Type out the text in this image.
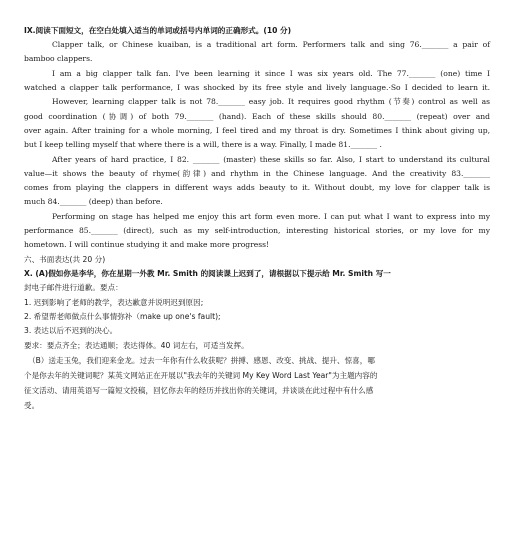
IX.阅读下面短文，在空白处填入适当的单词或括号内单词的正确形式。(10 分)
Clapper talk, or Chinese kuaiban, is a traditional art form. Performers talk and sing 76._______ a pair of
bamboo clappers.
I am a big clapper talk fan. I've been learning it since I was six years old. The 77._______ (one) time I
watched a clapper talk performance, I was shocked by its free style and lively language.·So I decided to learn it.
However, learning clapper talk is not 78._______ easy job. It requires good rhythm (节奏) control as well as
good coordination (协调) of both 79._______ (hand). Each of these skills should 80._______ (repeat) over and
over again. After training for a whole morning, I feel tired and my throat is dry. Sometimes I think about giving up,
but I keep telling myself that where there is a will, there is a way. Finally, I made 81._______ .
After years of hard practice, I 82. _______ (master) these skills so far. Also, I start to understand its cultural
value—it shows the beauty of rhyme(韵律) and rhythm in the Chinese language. And the creativity 83._______
comes from playing the clappers in different ways adds beauty to it. Without doubt, my love for clapper talk is
much 84._______ (deep) than before.
Performing on stage has helped me enjoy this art form even more. I can put what I want to express into my
performance 85._______ (direct), such as my self-introduction, interesting historical stories, or my love for my
hometown. I will continue studying it and make more progress!
六、书面表达(共 20 分)
X. (A)假如你是李华，你在星期一外教 Mr. Smith 的阅读课上迟到了，请根据以下提示给 Mr. Smith 写一
封电子邮件进行道歉。要点：
1. 迟到影响了老师的教学，表达歉意并说明迟到原因;
2. 希望帮老师做点什么事情弥补（make up one's fault);
3. 表达以后不迟到的决心。
要求：要点齐全；表达通顺；表达得体。40 词左右，可适当发挥。
（B）送走玉兔，我们迎来金龙。过去一年你有什么收获呢？拼搏、感恩、改变、挑战、提升、惊喜，哪
个是你去年的关键词呢？某英文网站正在开展以"我去年的关键词 My Key Word Last Year"为主题内容的
征文活动、请用英语写一篇短文投稿，回忆你去年的经历并找出你的关键词，并谈谈在此过程中有什么感
受。
